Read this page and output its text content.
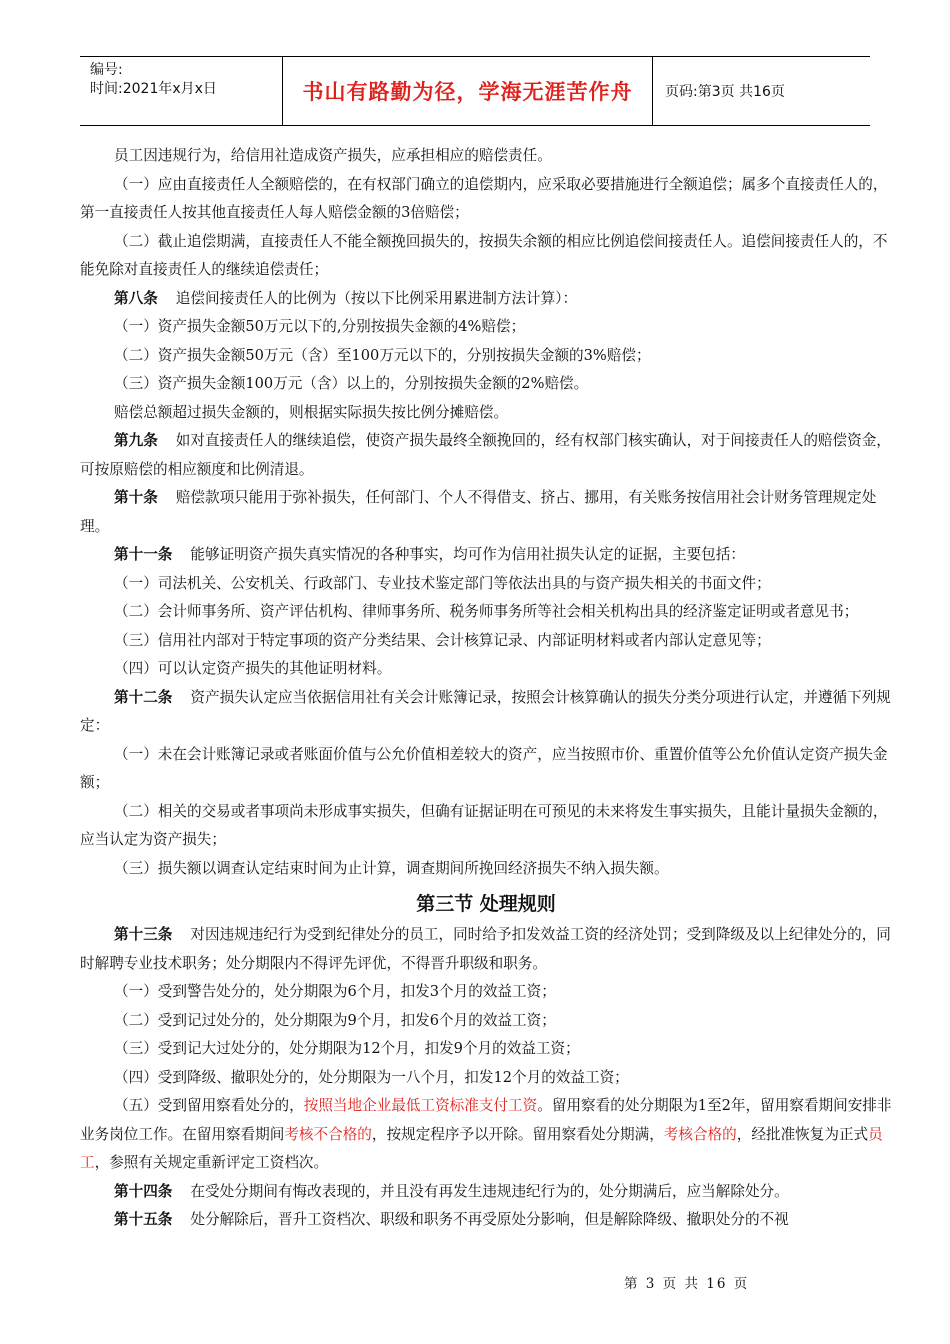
编号:
时间:2021年x月x日	书山有路勤为径，学海无涯苦作舟	页码:第3页 共16页

员工因违规行为，给信用社造成资产损失，应承担相应的赔偿责任。

（一）应由直接责任人全额赔偿的，在有权部门确立的追偿期内，应采取必要措施进行全额追偿；属多个直接责任人的，第一直接责任人按其他直接责任人每人赔偿金额的3倍赔偿；

（二）截止追偿期满，直接责任人不能全额挽回损失的，按损失余额的相应比例追偿间接责任人。追偿间接责任人的，不能免除对直接责任人的继续追偿责任；

第八条 追偿间接责任人的比例为（按以下比例采用累进制方法计算）：

（一）资产损失金额50万元以下的,分别按损失金额的4%赔偿；

（二）资产损失金额50万元（含）至100万元以下的，分别按损失金额的3%赔偿；

（三）资产损失金额100万元（含）以上的，分别按损失金额的2%赔偿。

赔偿总额超过损失金额的，则根据实际损失按比例分摊赔偿。

第九条 如对直接责任人的继续追偿，使资产损失最终全额挽回的，经有权部门核实确认，对于间接责任人的赔偿资金，可按原赔偿的相应额度和比例清退。

第十条 赔偿款项只能用于弥补损失，任何部门、个人不得借支、挤占、挪用，有关账务按信用社会计财务管理规定处理。

第十一条 能够证明资产损失真实情况的各种事实，均可作为信用社损失认定的证据，主要包括：

（一）司法机关、公安机关、行政部门、专业技术鉴定部门等依法出具的与资产损失相关的书面文件；

（二）会计师事务所、资产评估机构、律师事务所、税务师事务所等社会相关机构出具的经济鉴定证明或者意见书；

（三）信用社内部对于特定事项的资产分类结果、会计核算记录、内部证明材料或者内部认定意见等；

（四）可以认定资产损失的其他证明材料。

第十二条 资产损失认定应当依据信用社有关会计账簿记录，按照会计核算确认的损失分类分项进行认定，并遵循下列规定：

（一）未在会计账簿记录或者账面价值与公允价值相差较大的资产，应当按照市价、重置价值等公允价值认定资产损失金额；

（二）相关的交易或者事项尚未形成事实损失，但确有证据证明在可预见的未来将发生事实损失，且能计量损失金额的，应当认定为资产损失；

（三）损失额以调查认定结束时间为止计算，调查期间所挽回经济损失不纳入损失额。

第三节 处理规则

第十三条 对因违规违纪行为受到纪律处分的员工，同时给予扣发效益工资的经济处罚；受到降级及以上纪律处分的，同时解聘专业技术职务；处分期限内不得评先评优，不得晋升职级和职务。

（一）受到警告处分的，处分期限为6个月，扣发3个月的效益工资；

（二）受到记过处分的，处分期限为9个月，扣发6个月的效益工资；

（三）受到记大过处分的，处分期限为12个月，扣发9个月的效益工资；

（四）受到降级、撤职处分的，处分期限为一八个月，扣发12个月的效益工资；

（五）受到留用察看处分的，按照当地企业最低工资标准支付工资。留用察看的处分期限为1至2年，留用察看期间安排非业务岗位工作。在留用察看期间考核不合格的，按规定程序予以开除。留用察看处分期满，考核合格的，经批准恢复为正式员工，参照有关规定重新评定工资档次。

第十四条 在受处分期间有悔改表现的，并且没有再发生违规违纪行为的，处分期满后，应当解除处分。

第十五条 处分解除后，晋升工资档次、职级和职务不再受原处分影响，但是解除降级、撤职处分的不视

第 3 页 共 16 页
